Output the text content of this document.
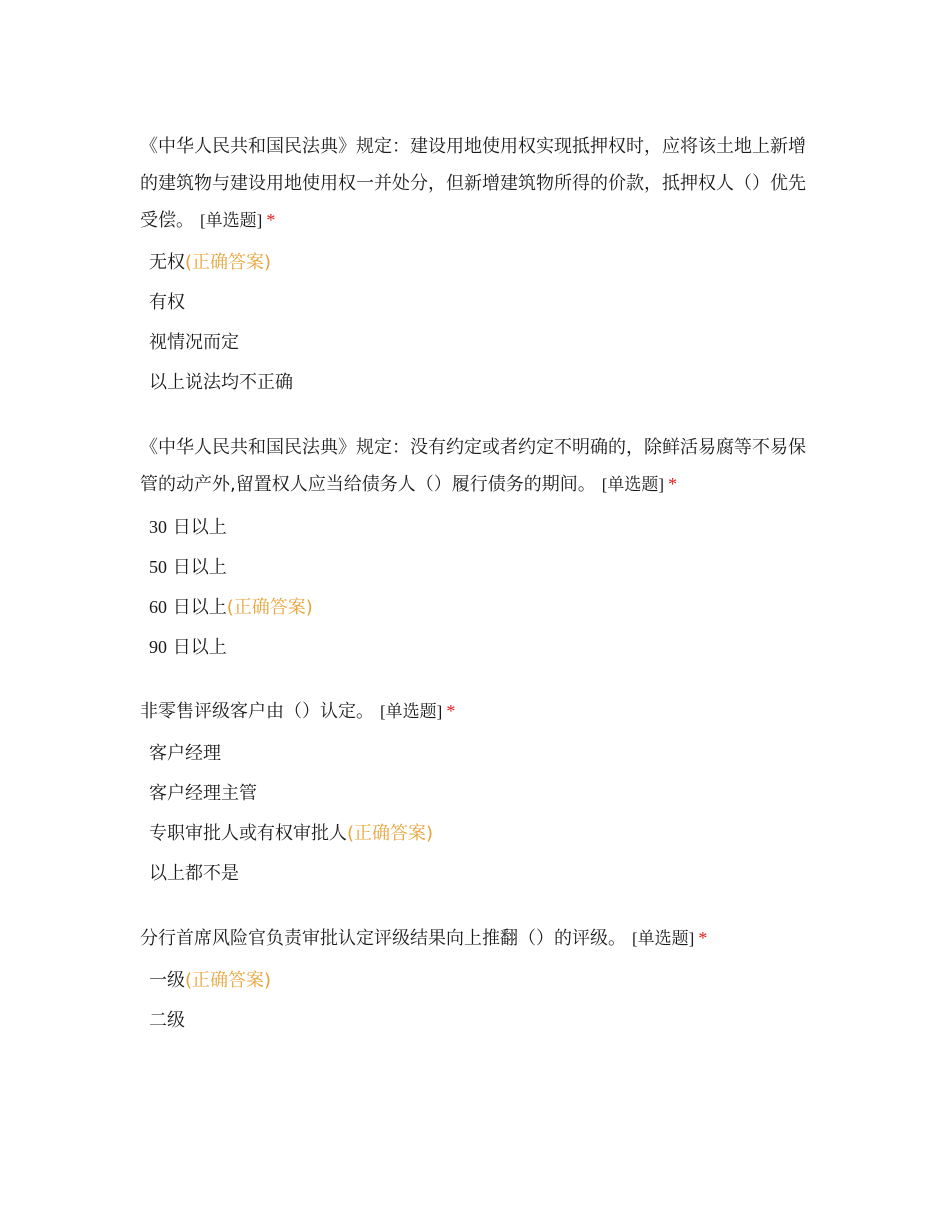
《中华人民共和国民法典》规定：建设用地使用权实现抵押权时，应将该土地上新增的建筑物与建设用地使用权一并处分，但新增建筑物所得的价款，抵押权人（）优先受偿。 [单选题] *

无权(正确答案)
有权
视情况而定
以上说法均不正确

《中华人民共和国民法典》规定：没有约定或者约定不明确的，除鲜活易腐等不易保管的动产外,留置权人应当给债务人（）履行债务的期间。 [单选题] *

30 日以上
50 日以上
60 日以上(正确答案)
90 日以上

非零售评级客户由（）认定。 [单选题] *

客户经理
客户经理主管
专职审批人或有权审批人(正确答案)
以上都不是

分行首席风险官负责审批认定评级结果向上推翻（）的评级。 [单选题] *

一级(正确答案)
二级
